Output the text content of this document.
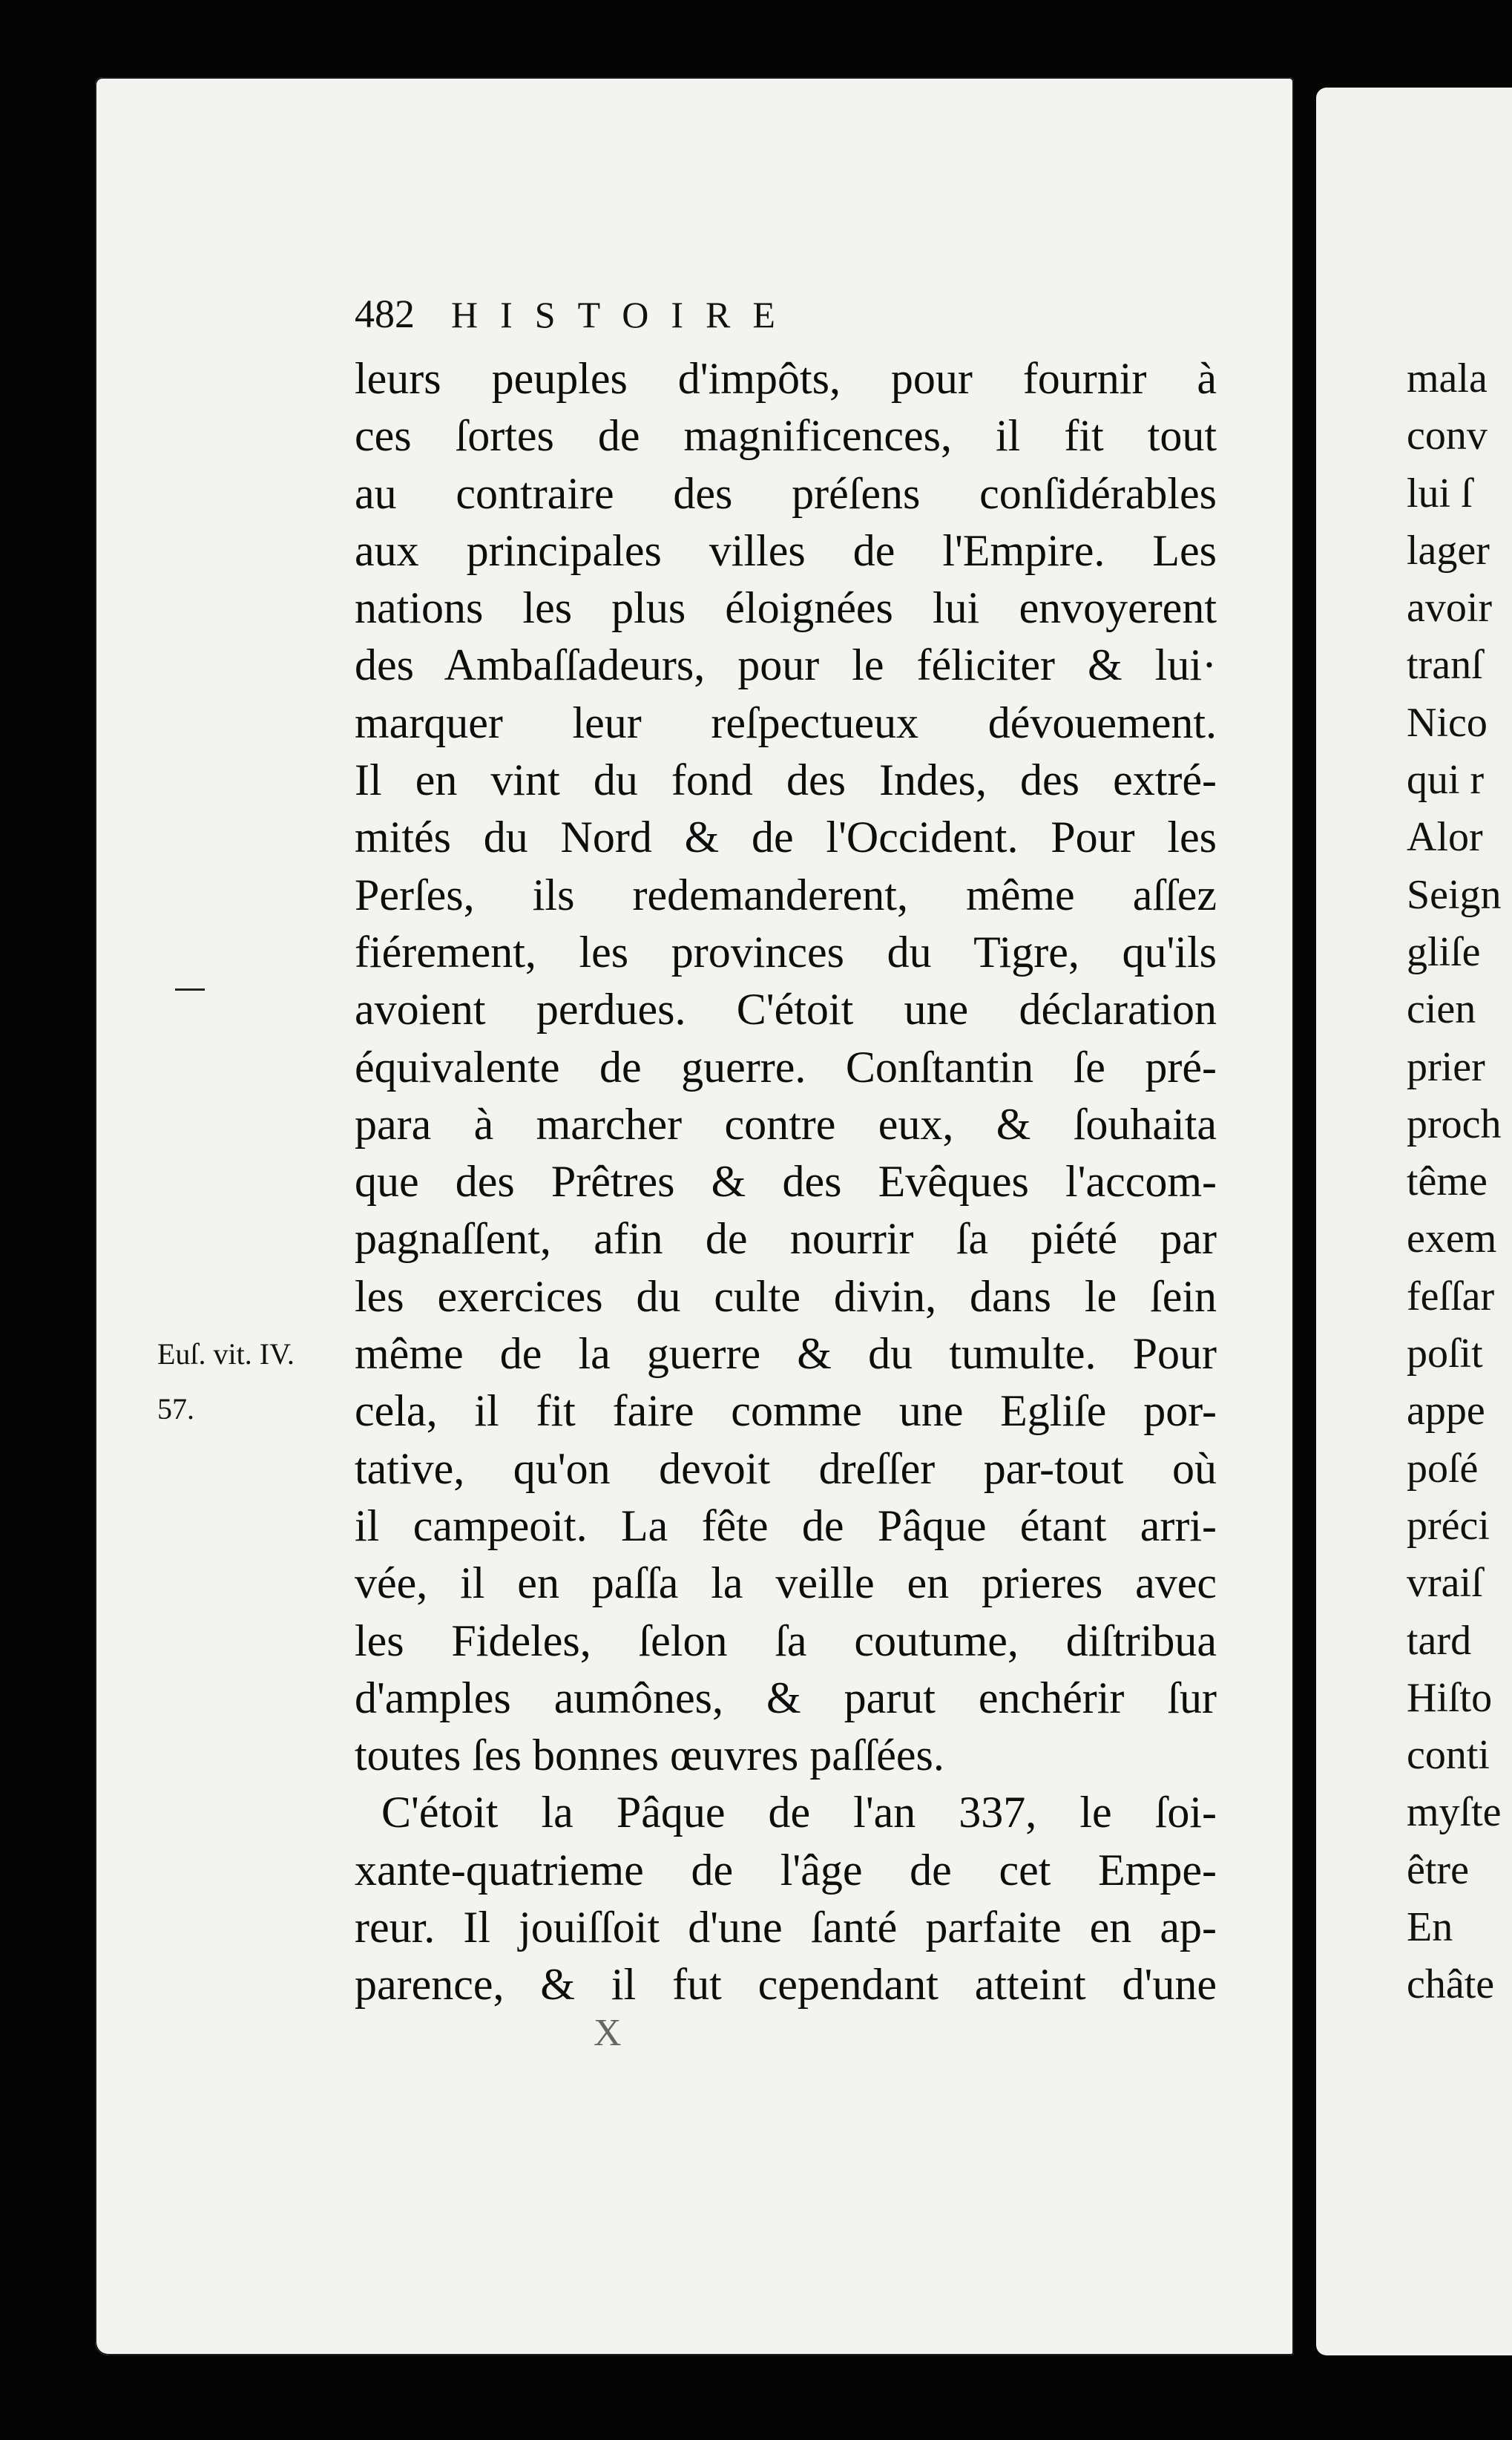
482 HISTOIRE
Euſ. vit. IV.
57.
leurs peuples d'impôts, pour fournir à
ces ſortes de magnificences, il fit tout
au contraire des préſens conſidérables
aux principales villes de l'Empire. Les
nations les plus éloignées lui envoyerent
des Ambaſſadeurs, pour le féliciter & lui·
marquer leur reſpectueux dévouement.
Il en vint du fond des Indes, des extré-
mités du Nord & de l'Occident. Pour les
Perſes, ils redemanderent, même aſſez
fiérement, les provinces du Tigre, qu'ils
avoient perdues. C'étoit une déclaration
équivalente de guerre. Conſtantin ſe pré-
para à marcher contre eux, & ſouhaita
que des Prêtres & des Evêques l'accom-
pagnaſſent, afin de nourrir ſa piété par
les exercices du culte divin, dans le ſein
même de la guerre & du tumulte. Pour
cela, il fit faire comme une Egliſe por-
tative, qu'on devoit dreſſer par-tout où
il campeoit. La fête de Pâque étant arri-
vée, il en paſſa la veille en prieres avec
les Fideles, ſelon ſa coutume, diſtribua
d'amples aumônes, & parut enchérir ſur
toutes ſes bonnes œuvres paſſées.
C'étoit la Pâque de l'an 337, le ſoi-
xante-quatrieme de l'âge de cet Empe-
reur. Il jouiſſoit d'une ſanté parfaite en ap-
parence, & il fut cependant atteint d'une
X
mala
conv
lui ſ
lager
avoir
tranſ
Nico
qui r
Alor
Seign
gliſe
cien
prier
proch
tême
exem
feſſar
poſit
appe
poſé
préci
vraiſ
tard
Hiſto
conti
myſte
être
En
châte
